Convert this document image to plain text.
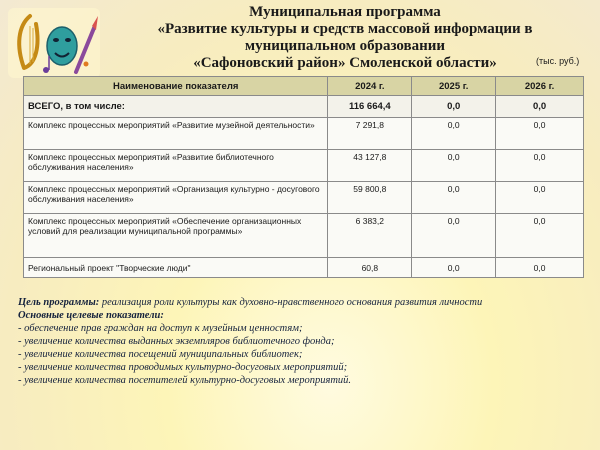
Муниципальная программа
«Развитие культуры и средств массовой информации в
муниципальном образовании
«Сафоновский район» Смоленской области»	(тыс. руб.)
Наименование показателя	2024 г.	2025 г.	2026 г.
ВСЕГО, в том числе:	116 664,4	0,0	0,0
Комплекс процессных мероприятий «Развитие музейной деятельности»	7 291,8	0,0	0,0
Комплекс процессных мероприятий «Развитие библиотечного обслуживания населения»	43 127,8	0,0	0,0
Комплекс процессных мероприятий «Организация культурно - досугового обслуживания населения»	59 800,8	0,0	0,0
Комплекс процессных мероприятий «Обеспечение организационных условий для реализации муниципальной программы»	6 383,2	0,0	0,0
Региональный проект "Творческие люди"	60,8	0,0	0,0
Цель программы: реализация роли культуры как духовно-нравственного основания развития личности
Основные целевые показатели:
- обеспечение прав граждан на доступ к музейным ценностям;
- увеличение количества выданных экземпляров библиотечного фонда;
- увеличение количества посещений муниципальных библиотек;
- увеличение количества проводимых культурно-досуговых мероприятий;
- увеличение количества посетителей культурно-досуговых мероприятий.
